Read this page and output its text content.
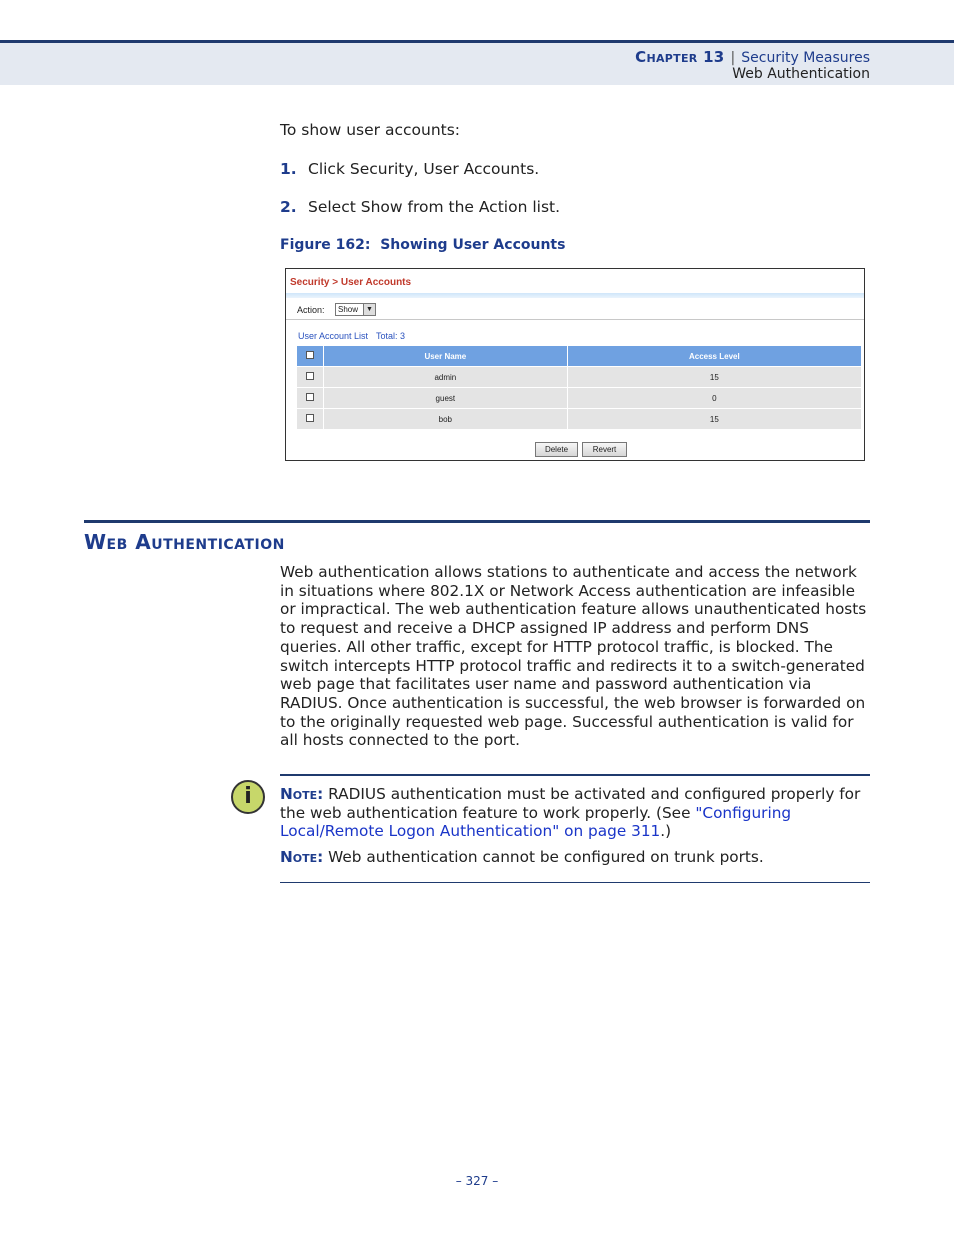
Chapter 13 | Security Measures
Web Authentication
To show user accounts:
1. Click Security, User Accounts.
2. Select Show from the Action list.
Figure 162:  Showing User Accounts
Security > User Accounts
Action:	Show	▼
User Account List Total: 3
	User Name	Access Level
	admin	15
	guest	0
	bob	15
Delete	Revert
Web Authentication
Web authentication allows stations to authenticate and access the network in situations where 802.1X or Network Access authentication are infeasible or impractical. The web authentication feature allows unauthenticated hosts to request and receive a DHCP assigned IP address and perform DNS queries. All other traffic, except for HTTP protocol traffic, is blocked. The switch intercepts HTTP protocol traffic and redirects it to a switch-generated web page that facilitates user name and password authentication via RADIUS. Once authentication is successful, the web browser is forwarded on to the originally requested web page. Successful authentication is valid for all hosts connected to the port.
i	Note: RADIUS authentication must be activated and configured properly for the web authentication feature to work properly. (See "Configuring Local/Remote Logon Authentication" on page 311.)
Note: Web authentication cannot be configured on trunk ports.
– 327 –
